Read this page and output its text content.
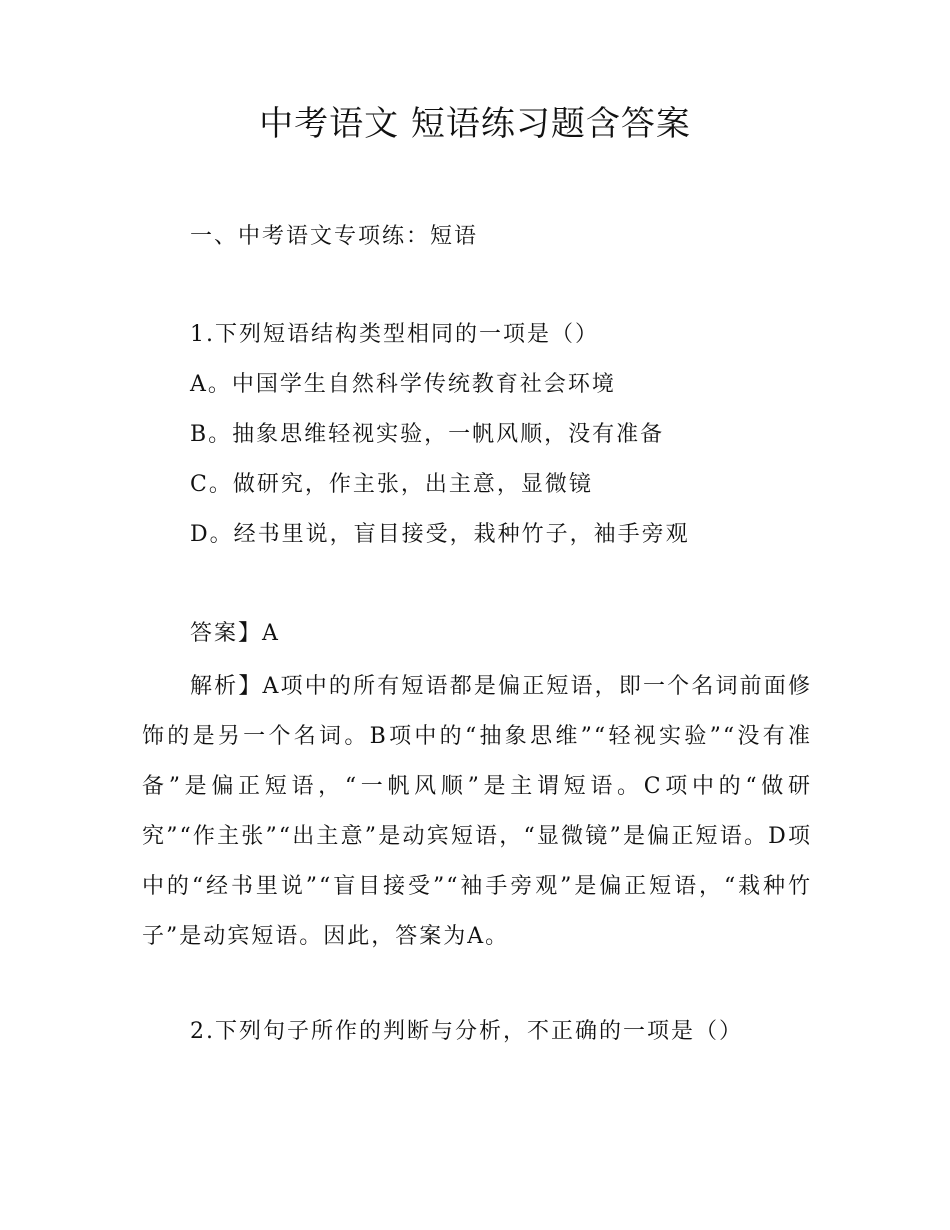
中考语文 短语练习题含答案
一、中考语文专项练：短语
1.下列短语结构类型相同的一项是（）
A。中国学生自然科学传统教育社会环境
B。抽象思维轻视实验，一帆风顺，没有准备
C。做研究，作主张，出主意，显微镜
D。经书里说，盲目接受，栽种竹子，袖手旁观
答案】A

解析】A项中的所有短语都是偏正短语，即一个名词前面修饰的是另一个名词。B项中的“抽象思维”“轻视实验”“没有准备”是偏正短语，“一帆风顺”是主谓短语。C项中的“做研究”“作主张”“出主意”是动宾短语，“显微镜”是偏正短语。D项中的“经书里说”“盲目接受”“袖手旁观”是偏正短语，“栽种竹子”是动宾短语。因此，答案为A。

2.下列句子所作的判断与分析，不正确的一项是（）
